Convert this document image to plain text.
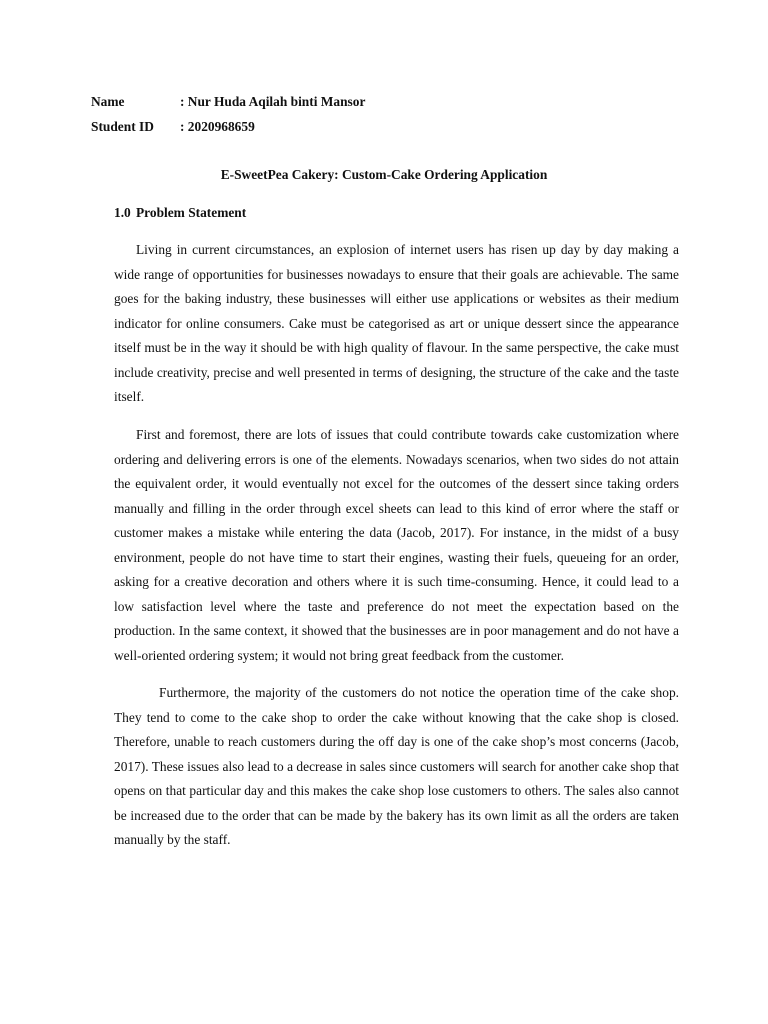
Name	: Nur Huda Aqilah binti Mansor
Student ID : 2020968659
E-SweetPea Cakery: Custom-Cake Ordering Application
1.0 Problem Statement

Living in current circumstances, an explosion of internet users has risen up day by day making a wide range of opportunities for businesses nowadays to ensure that their goals are achievable. The same goes for the baking industry, these businesses will either use applications or websites as their medium indicator for online consumers. Cake must be categorised as art or unique dessert since the appearance itself must be in the way it should be with high quality of flavour. In the same perspective, the cake must include creativity, precise and well presented in terms of designing, the structure of the cake and the taste itself.

First and foremost, there are lots of issues that could contribute towards cake customization where ordering and delivering errors is one of the elements. Nowadays scenarios, when two sides do not attain the equivalent order, it would eventually not excel for the outcomes of the dessert since taking orders manually and filling in the order through excel sheets can lead to this kind of error where the staff or customer makes a mistake while entering the data (Jacob, 2017). For instance, in the midst of a busy environment, people do not have time to start their engines, wasting their fuels, queueing for an order, asking for a creative decoration and others where it is such time-consuming. Hence, it could lead to a low satisfaction level where the taste and preference do not meet the expectation based on the production. In the same context, it showed that the businesses are in poor management and do not have a well-oriented ordering system; it would not bring great feedback from the customer.

Furthermore, the majority of the customers do not notice the operation time of the cake shop. They tend to come to the cake shop to order the cake without knowing that the cake shop is closed. Therefore, unable to reach customers during the off day is one of the cake shop’s most concerns (Jacob, 2017). These issues also lead to a decrease in sales since customers will search for another cake shop that opens on that particular day and this makes the cake shop lose customers to others. The sales also cannot be increased due to the order that can be made by the bakery has its own limit as all the orders are taken manually by the staff.
